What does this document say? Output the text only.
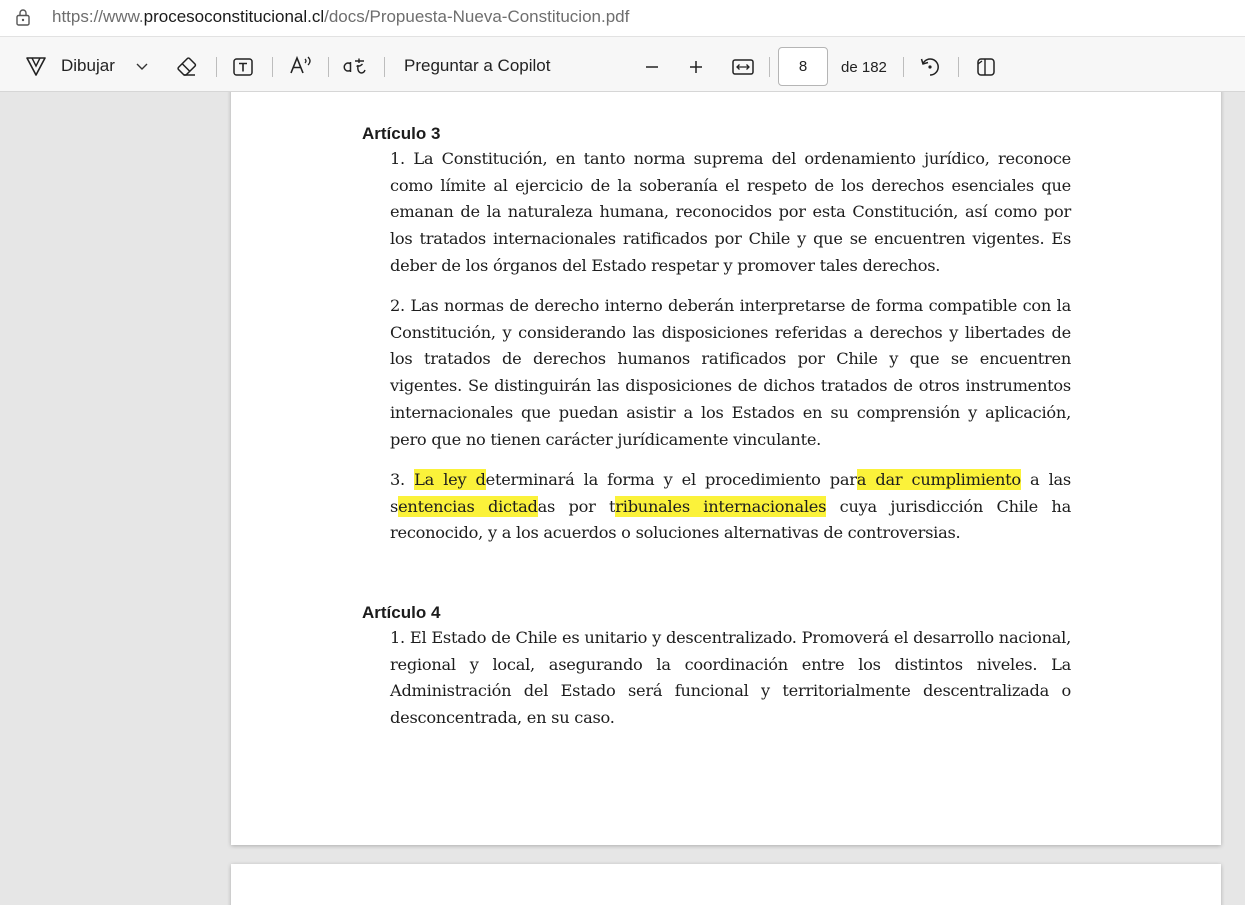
https://www.procesoconstitucional.cl/docs/Propuesta-Nueva-Constitucion.pdf
Dibujar	Preguntar a Copilot	8	de 182
Artículo 3
1. La Constitución, en tanto norma suprema del ordenamiento jurídico, reconoce como límite al ejercicio de la soberanía el respeto de los derechos esenciales que emanan de la naturaleza humana, reconocidos por esta Constitución, así como por los tratados internacionales ratificados por Chile y que se encuentren vigentes. Es deber de los órganos del Estado respetar y promover tales derechos.
2. Las normas de derecho interno deberán interpretarse de forma compatible con la Constitución, y considerando las disposiciones referidas a derechos y libertades de los tratados de derechos humanos ratificados por Chile y que se encuentren vigentes. Se distinguirán las disposiciones de dichos tratados de otros instrumentos internacionales que puedan asistir a los Estados en su comprensión y aplicación, pero que no tienen carácter jurídicamente vinculante.
3. La ley determinará la forma y el procedimiento para dar cumplimiento a las sentencias dictadas por tribunales internacionales cuya jurisdicción Chile ha reconocido, y a los acuerdos o soluciones alternativas de controversias.
Artículo 4
1. El Estado de Chile es unitario y descentralizado. Promoverá el desarrollo nacional, regional y local, asegurando la coordinación entre los distintos niveles. La Administración del Estado será funcional y territorialmente descentralizada o desconcentrada, en su caso.
